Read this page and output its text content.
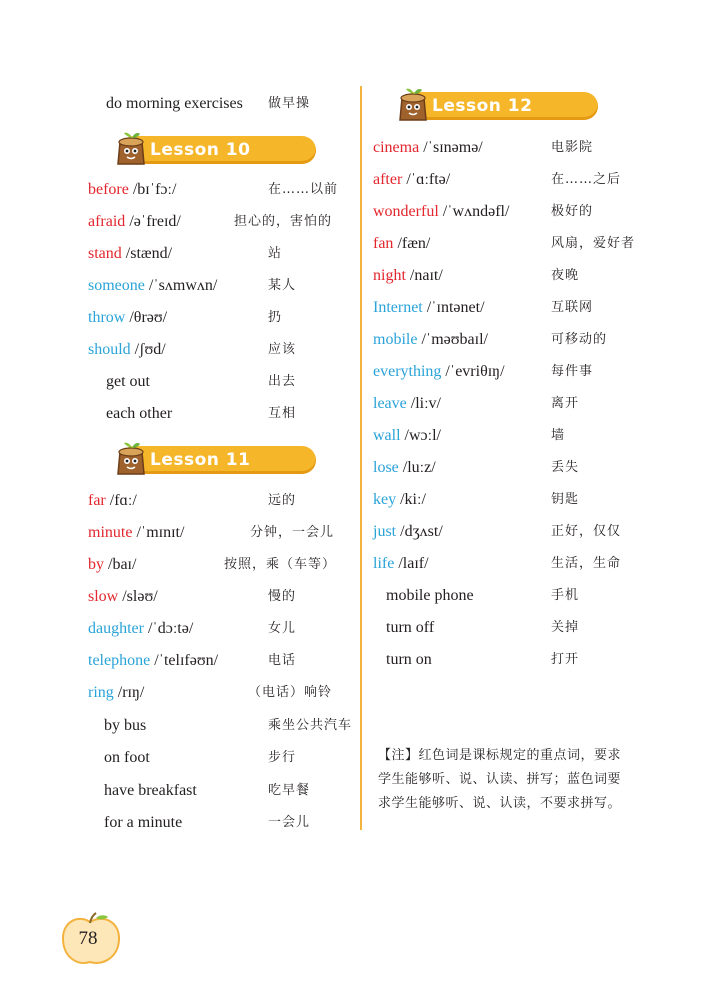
do morning exercises 做早操
Lesson 10
before /bɪˈfɔː/	在……以前
afraid /əˈfreɪd/	担心的，害怕的
stand /stænd/	站
someone /ˈsʌmwʌn/	某人
throw /θrəʊ/	扔
should /ʃʊd/	应该
get out	出去
each other	互相
Lesson 11
far /fɑː/	远的
minute /ˈmɪnɪt/	分钟，一会儿
by /baɪ/	按照，乘（车等）
slow /sləʊ/	慢的
daughter /ˈdɔːtə/	女儿
telephone /ˈtelɪfəʊn/	电话
ring /rɪŋ/	（电话）响铃
by bus	乘坐公共汽车
on foot	步行
have breakfast	吃早餐
for a minute	一会儿
Lesson 12
cinema /ˈsɪnəmə/	电影院
after /ˈɑːftə/	在……之后
wonderful /ˈwʌndəfl/	极好的
fan /fæn/	风扇，爱好者
night /naɪt/	夜晚
Internet /ˈɪntənet/	互联网
mobile /ˈməʊbaɪl/	可移动的
everything /ˈevriθɪŋ/	每件事
leave /liːv/	离开
wall /wɔːl/	墙
lose /luːz/	丢失
key /kiː/	钥匙
just /dʒʌst/	正好，仅仅
life /laɪf/	生活，生命
mobile phone	手机
turn off	关掉
turn on	打开
【注】红色词是课标规定的重点词，要求学生能够听、说、认读、拼写；蓝色词要求学生能够听、说、认读，不要求拼写。
78
